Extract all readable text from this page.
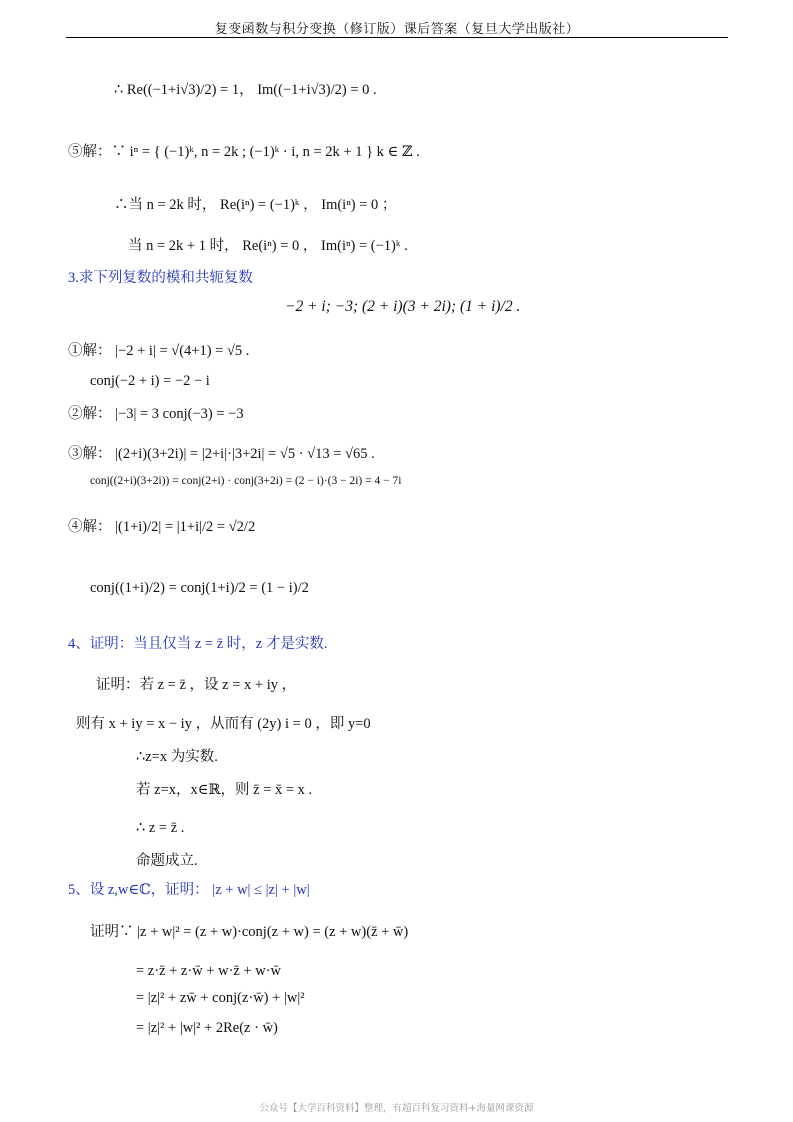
复变函数与积分变换（修订版）课后答案（复旦大学出版社）
∴ Re((−1+i√3)/2) = 1， Im((−1+i√3)/2) = 0 .
⑤解：∵ iⁿ = { (−1)ᵏ, n = 2k ; (−1)ᵏ · i, n = 2k + 1 } k ∈ ℤ .
∴当 n = 2k 时， Re(iⁿ) = (−1)ᵏ ， Im(iⁿ) = 0 ；
当 n = 2k + 1 时， Re(iⁿ) = 0 ， Im(iⁿ) = (−1)ᵏ .
3.求下列复数的模和共轭复数
−2 + i; −3; (2 + i)(3 + 2i); (1 + i)/2 .
①解： |−2 + i| = √(4+1) = √5 .
conj(−2 + i) = −2 − i
②解： |−3| = 3 conj(−3) = −3
③解： |(2+i)(3+2i)| = |2+i|·|3+2i| = √5 · √13 = √65 .
conj((2+i)(3+2i)) = conj(2+i) · conj(3+2i) = (2 − i)·(3 − 2i) = 4 − 7i
④解： |(1+i)/2| = |1+i|/2 = √2/2
conj((1+i)/2) = conj(1+i)/2 = (1 − i)/2
4、证明：当且仅当 z = z̄ 时，z 才是实数.
证明：若 z = z̄ ，设 z = x + iy ，
则有 x + iy = x − iy ，从而有 (2y) i = 0 ，即 y=0
∴z=x 为实数.
若 z=x，x∈ℝ，则 z̄ = x̄ = x .
∴ z = z̄ .
命题成立.
5、设 z,w∈ℂ，证明： |z + w| ≤ |z| + |w|
证明∵ |z + w|² = (z + w)·conj(z + w) = (z + w)(z̄ + w̄)
= z·z̄ + z·w̄ + w·z̄ + w·w̄
= |z|² + zw̄ + conj(z·w̄) + |w|²
= |z|² + |w|² + 2Re(z · w̄)
公众号【大学百科资料】整理，有超百科复习资料+海量网课资源
